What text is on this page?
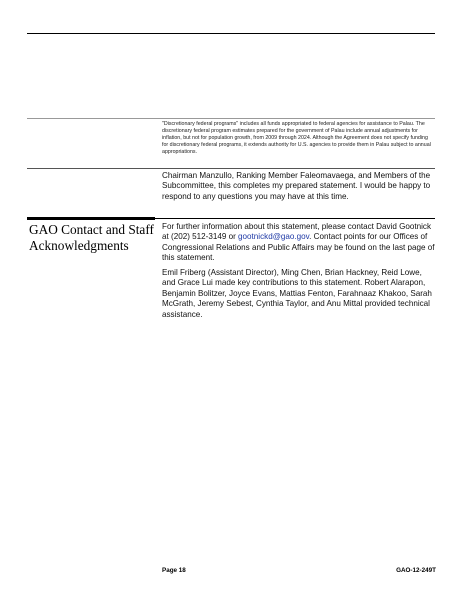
"Discretionary federal programs" includes all funds appropriated to federal agencies for assistance to Palau. The discretionary federal program estimates prepared for the government of Palau include annual adjustments for inflation, but not for population growth, from 2009 through 2024. Although the Agreement does not specify funding for discretionary federal programs, it extends authority for U.S. agencies to provide them in Palau subject to annual appropriations.
Chairman Manzullo, Ranking Member Faleomavaega, and Members of the Subcommittee, this completes my prepared statement. I would be happy to respond to any questions you may have at this time.
GAO Contact and Staff Acknowledgments
For further information about this statement, please contact David Gootnick at (202) 512-3149 or gootnickd@gao.gov. Contact points for our Offices of Congressional Relations and Public Affairs may be found on the last page of this statement.
Emil Friberg (Assistant Director), Ming Chen, Brian Hackney, Reid Lowe, and Grace Lui made key contributions to this statement. Robert Alarapon, Benjamin Bolitzer, Joyce Evans, Mattias Fenton, Farahnaaz Khakoo, Sarah McGrath, Jeremy Sebest, Cynthia Taylor, and Anu Mittal provided technical assistance.
Page 18	GAO-12-249T
